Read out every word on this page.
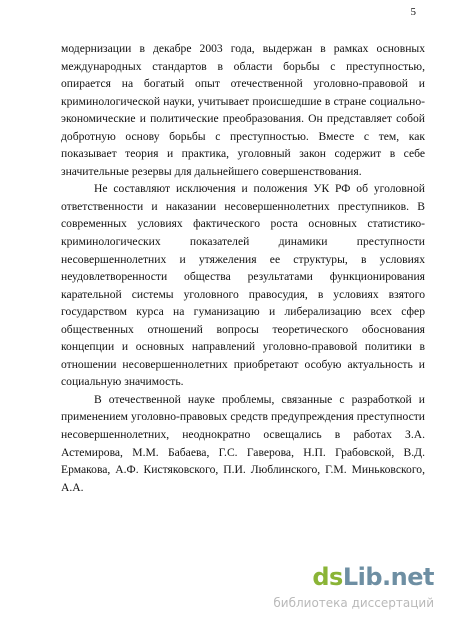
5

модернизации в декабре 2003 года, выдержан в рамках основных международных стандартов в области борьбы с преступностью, опирается на богатый опыт отечественной уголовно-правовой и криминологической науки, учитывает происшедшие в стране социально-экономические и политические преобразования. Он представляет собой добротную основу борьбы с преступностью. Вместе с тем, как показывает теория и практика, уголовный закон содержит в себе значительные резервы для дальнейшего совершенствования.

Не составляют исключения и положения УК РФ об уголовной ответственности и наказании несовершеннолетних преступников. В современных условиях фактического роста основных статистико-криминологических показателей динамики преступности несовершеннолетних и утяжеления ее структуры, в условиях неудовлетворенности общества результатами функционирования карательной системы уголовного правосудия, в условиях взятого государством курса на гуманизацию и либерализацию всех сфер общественных отношений вопросы теоретического обоснования концепции и основных направлений уголовно-правовой политики в отношении несовершеннолетних приобретают особую актуальность и социальную значимость.

В отечественной науке проблемы, связанные с разработкой и применением уголовно-правовых средств предупреждения преступности несовершеннолетних, неоднократно освещались в работах З.А. Астемирова, М.М. Бабаева, Г.С. Гаверова, Н.П. Грабовской, В.Д. Ермакова, А.Ф. Кистяковского, П.И. Люблинского, Г.М. Миньковского, А.А.

dsLib.net
библиотека диссертаций
